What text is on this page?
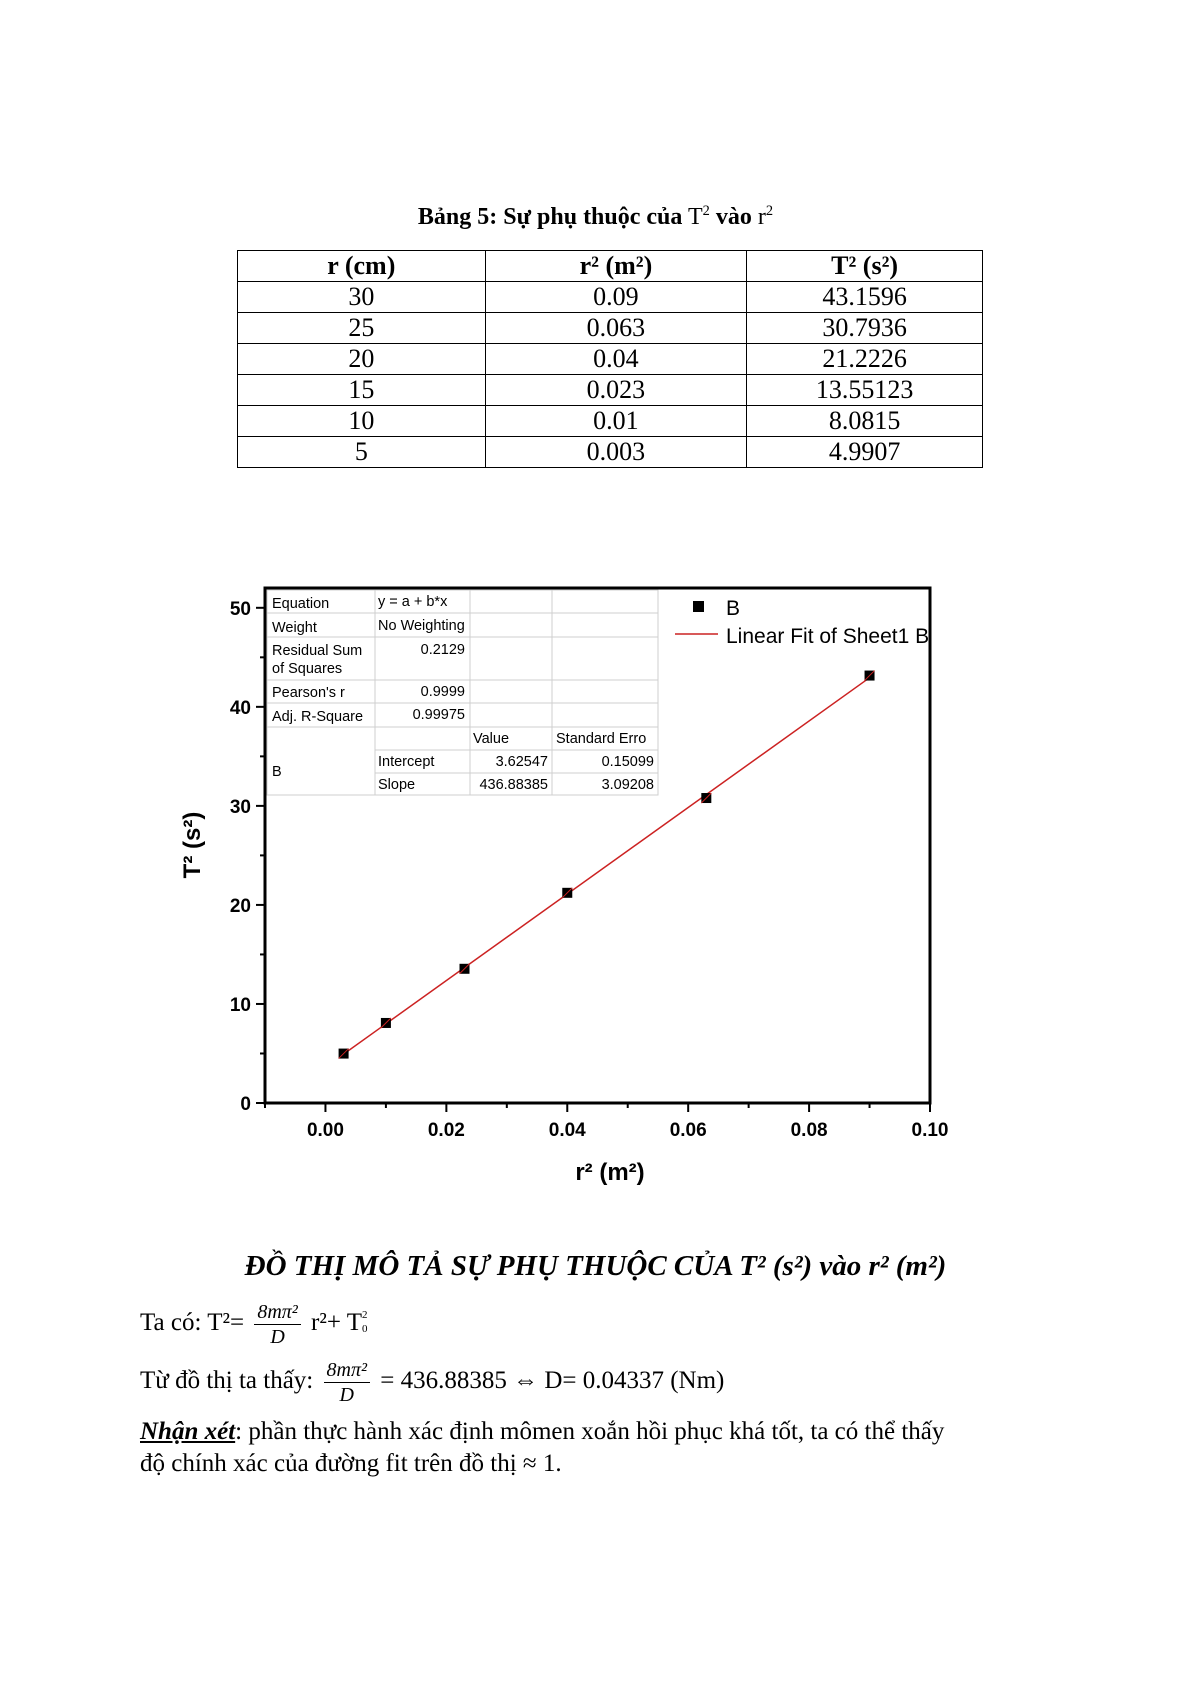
Bảng 5: Sự phụ thuộc của $T^2$ vào $r^2$
r (cm)	r² (m²)	T² (s²)
30	0.09	43.1596
25	0.063	30.7936
20	0.04	21.2226
15	0.023	13.55123
10	0.01	8.0815
5	0.003	4.9907
0.00	0.02	0.04	0.06	0.08	0.10
0
10
20
30
40
50 Equation	y = a + b*x
Weight	No Weighting
Residual Sum
of Squares
0.2129
Pearson's r	0.9999
Adj. R-Square	0.99975
Value	Standard Erro
B
Intercept	3.62547	0.15099
Slope	436.88385	3.09208
B
Linear Fit of Sheet1 B
r² (m²)
T² (s²)
ĐỒ THỊ MÔ TẢ SỰ PHỤ THUỘC CỦA T² (s²) vào r² (m²)
Ta có: $T^2= \frac{\text{8mπ²}}{D} r^2+ T$ 2
0
Từ đồ thị ta thấy: $\frac{\text{8mπ²}}{D} = 436.88385$ ⇔ D= 0.04337 (Nm)
Nhận xét: phần thực hành xác định mômen xoắn hồi phục khá tốt, ta có thể thấy
độ chính xác của đường fit trên đồ thị ≈ 1.
